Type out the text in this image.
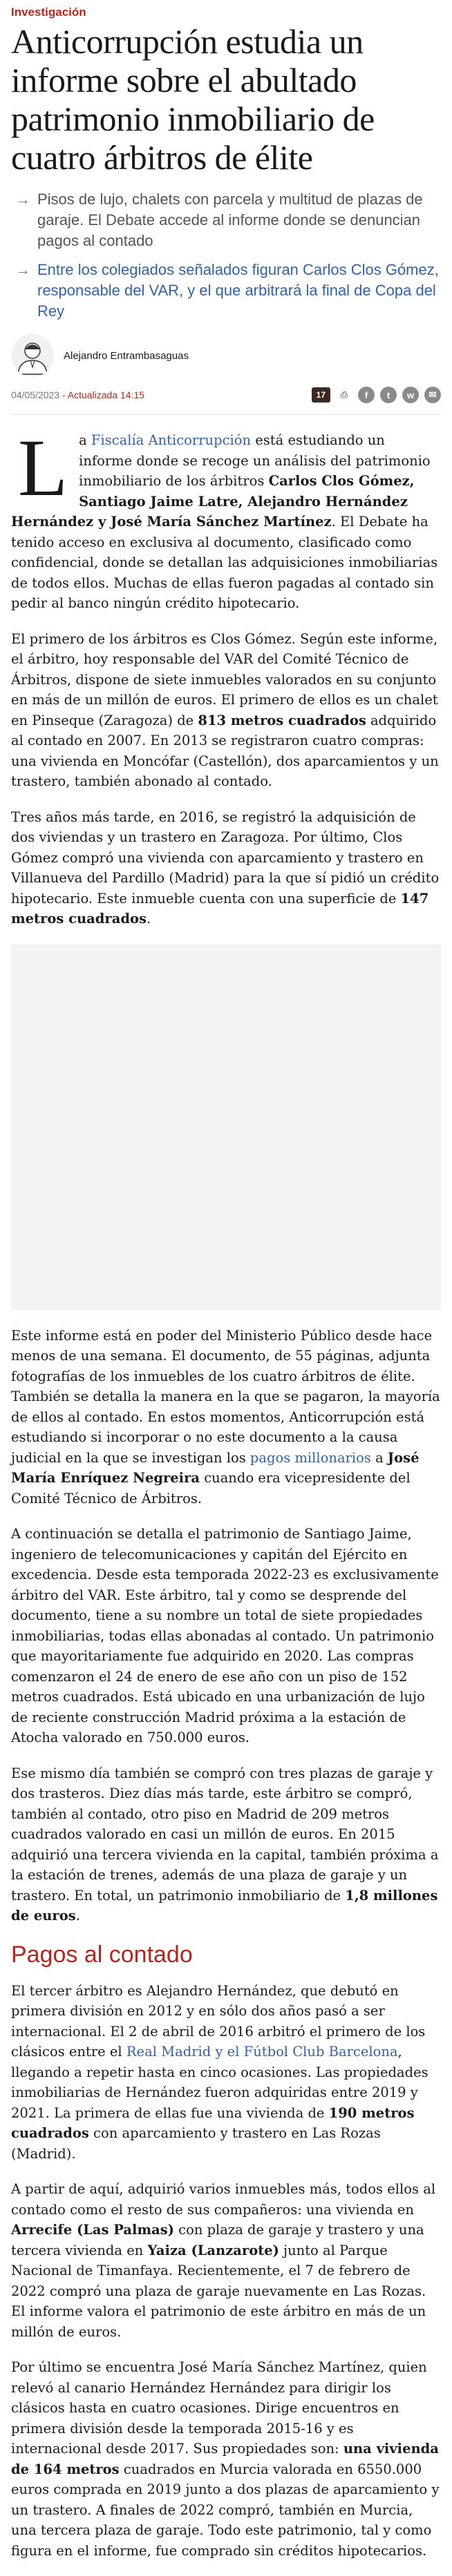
Investigación
Anticorrupción estudia un informe sobre el abultado patrimonio inmobiliario de cuatro árbitros de élite
→ Pisos de lujo, chalets con parcela y multitud de plazas de garaje. El Debate accede al informe donde se denuncian pagos al contado
→ Entre los colegiados señalados figuran Carlos Clos Gómez, responsable del VAR, y el que arbitrará la final de Copa del Rey
Alejandro Entrambasaguas
04/05/2023 - Actualizada 14:15	17	⎙	f	t	w	✉

La Fiscalía Anticorrupción está estudiando un informe donde se recoge un análisis del patrimonio inmobiliario de los árbitros Carlos Clos Gómez, Santiago Jaime Latre, Alejandro Hernández Hernández y José María Sánchez Martínez. El Debate ha tenido acceso en exclusiva al documento, clasificado como confidencial, donde se detallan las adquisiciones inmobiliarias de todos ellos. Muchas de ellas fueron pagadas al contado sin pedir al banco ningún crédito hipotecario.

El primero de los árbitros es Clos Gómez. Según este informe, el árbitro, hoy responsable del VAR del Comité Técnico de Árbitros, dispone de siete inmuebles valorados en su conjunto en más de un millón de euros. El primero de ellos es un chalet en Pinseque (Zaragoza) de 813 metros cuadrados adquirido al contado en 2007. En 2013 se registraron cuatro compras: una vivienda en Moncófar (Castellón), dos aparcamientos y un trastero, también abonado al contado.

Tres años más tarde, en 2016, se registró la adquisición de dos viviendas y un trastero en Zaragoza. Por último, Clos Gómez compró una vivienda con aparcamiento y trastero en Villanueva del Pardillo (Madrid) para la que sí pidió un crédito hipotecario. Este inmueble cuenta con una superficie de 147 metros cuadrados.

Este informe está en poder del Ministerio Público desde hace menos de una semana. El documento, de 55 páginas, adjunta fotografías de los inmuebles de los cuatro árbitros de élite. También se detalla la manera en la que se pagaron, la mayoría de ellos al contado. En estos momentos, Anticorrupción está estudiando si incorporar o no este documento a la causa judicial en la que se investigan los pagos millonarios a José María Enríquez Negreira cuando era vicepresidente del Comité Técnico de Árbitros.

A continuación se detalla el patrimonio de Santiago Jaime, ingeniero de telecomunicaciones y capitán del Ejército en excedencia. Desde esta temporada 2022-23 es exclusivamente árbitro del VAR. Este árbitro, tal y como se desprende del documento, tiene a su nombre un total de siete propiedades inmobiliarias, todas ellas abonadas al contado. Un patrimonio que mayoritariamente fue adquirido en 2020. Las compras comenzaron el 24 de enero de ese año con un piso de 152 metros cuadrados. Está ubicado en una urbanización de lujo de reciente construcción Madrid próxima a la estación de Atocha valorado en 750.000 euros.

Ese mismo día también se compró con tres plazas de garaje y dos trasteros. Diez días más tarde, este árbitro se compró, también al contado, otro piso en Madrid de 209 metros cuadrados valorado en casi un millón de euros. En 2015 adquirió una tercera vivienda en la capital, también próxima a la estación de trenes, además de una plaza de garaje y un trastero. En total, un patrimonio inmobiliario de 1,8 millones de euros.

Pagos al contado

El tercer árbitro es Alejandro Hernández, que debutó en primera división en 2012 y en sólo dos años pasó a ser internacional. El 2 de abril de 2016 arbitró el primero de los clásicos entre el Real Madrid y el Fútbol Club Barcelona, llegando a repetir hasta en cinco ocasiones. Las propiedades inmobiliarias de Hernández fueron adquiridas entre 2019 y 2021. La primera de ellas fue una vivienda de 190 metros cuadrados con aparcamiento y trastero en Las Rozas (Madrid).

A partir de aquí, adquirió varios inmuebles más, todos ellos al contado como el resto de sus compañeros: una vivienda en Arrecife (Las Palmas) con plaza de garaje y trastero y una tercera vivienda en Yaiza (Lanzarote) junto al Parque Nacional de Timanfaya. Recientemente, el 7 de febrero de 2022 compró una plaza de garaje nuevamente en Las Rozas. El informe valora el patrimonio de este árbitro en más de un millón de euros.

Por último se encuentra José María Sánchez Martínez, quien relevó al canario Hernández Hernández para dirigir los clásicos hasta en cuatro ocasiones. Dirige encuentros en primera división desde la temporada 2015-16 y es internacional desde 2017. Sus propiedades son: una vivienda de 164 metros cuadrados en Murcia valorada en 6550.000 euros comprada en 2019 junto a dos plazas de aparcamiento y un trastero. A finales de 2022 compró, también en Murcia, una tercera plaza de garaje. Todo este patrimonio, tal y como figura en el informe, fue comprado sin créditos hipotecarios.
